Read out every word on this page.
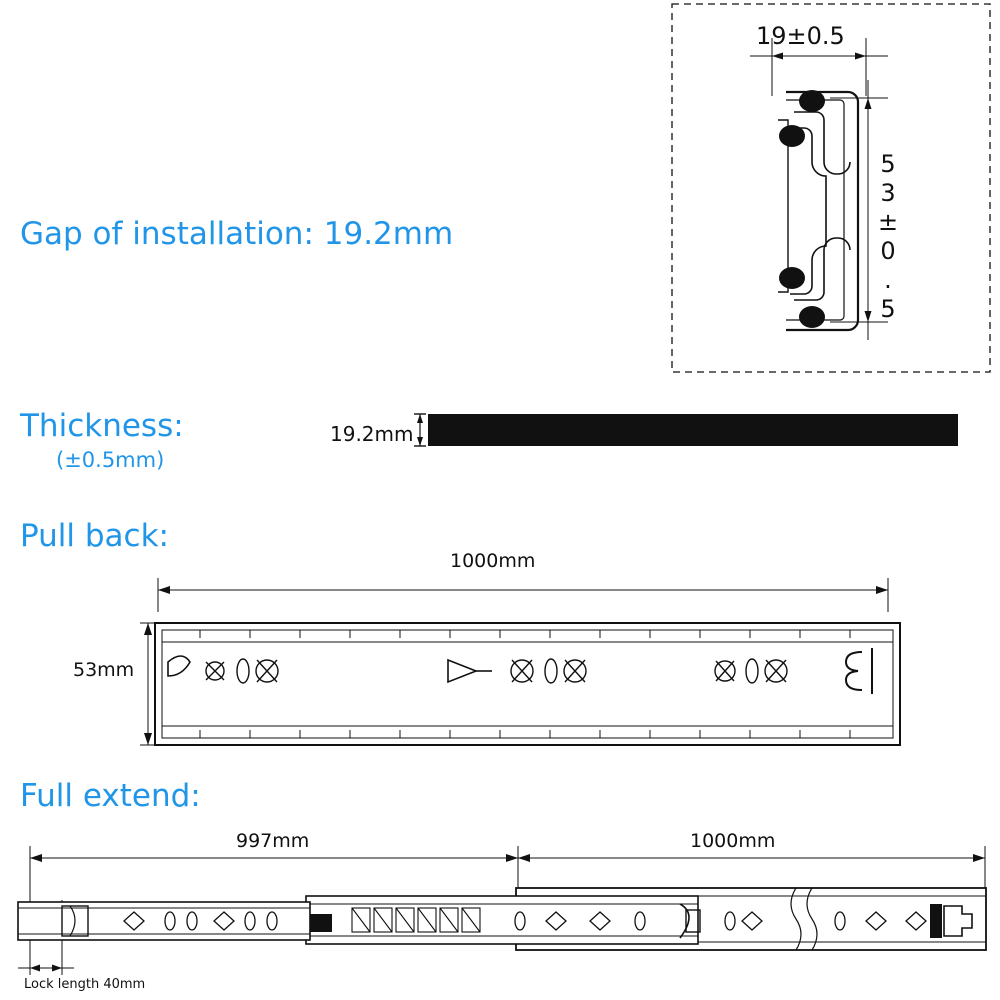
Gap of installation: 19.2mm
Thickness:
(±0.5mm)
Pull back:
Full extend:
19.2mm
1000mm
53mm
997mm	1000mm
Lock length 40mm
19±0.5
53±0.5
